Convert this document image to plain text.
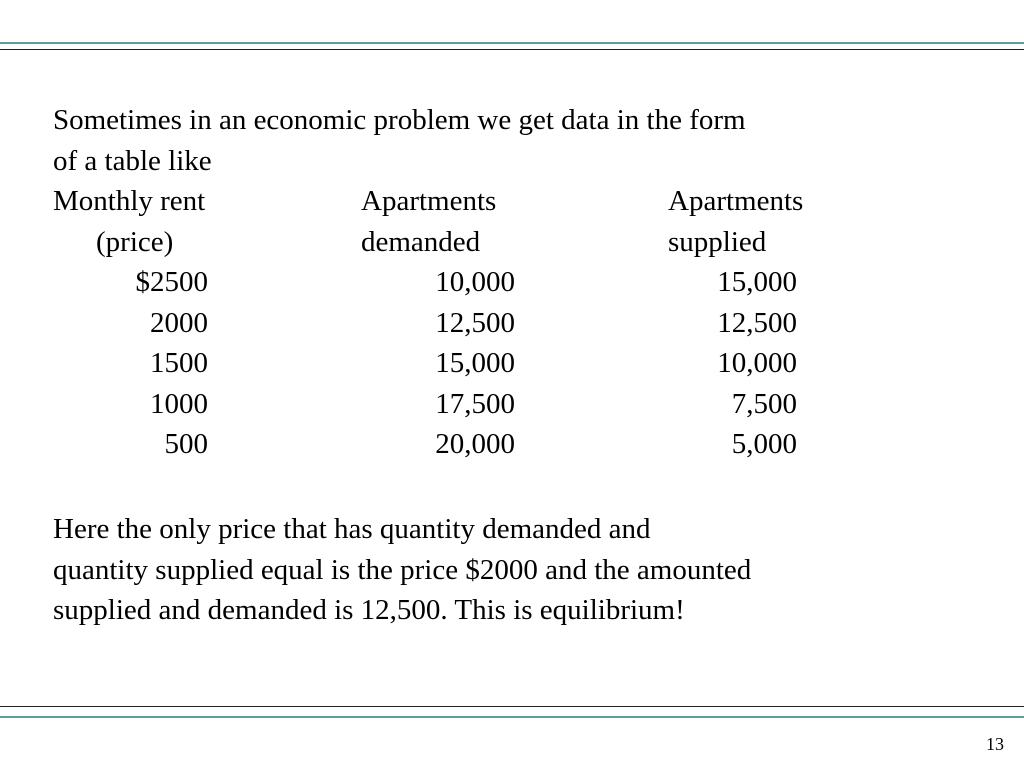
Sometimes in an economic problem we get data in the form
of a table like
Monthly rent
(price)
Apartments
demanded
Apartments
supplied
$2500
2000
1500
1000
500
10,000
12,500
15,000
17,500
20,000
15,000
12,500
10,000
7,500
5,000
Here the only price that has quantity demanded and
quantity supplied equal is the price $2000 and the amounted
supplied and demanded is 12,500. This is equilibrium!
13
